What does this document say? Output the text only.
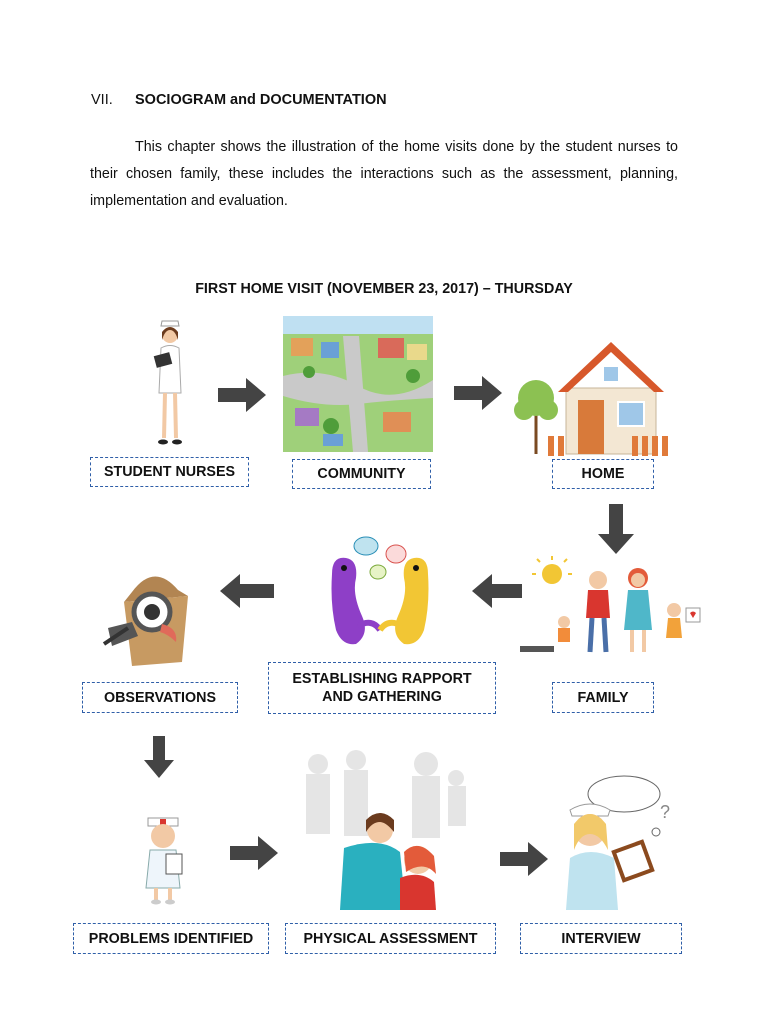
VII. SOCIOGRAM and DOCUMENTATION
This chapter shows the illustration of the home visits done by the student nurses to their chosen family, these includes the interactions such as the assessment, planning, implementation and evaluation.
FIRST HOME VISIT (NOVEMBER 23, 2017) – THURSDAY
STUDENT NURSES	COMMUNITY	HOME
OBSERVATIONS
ESTABLISHING RAPPORT
AND GATHERING	FAMILY
?
PROBLEMS IDENTIFIED	PHYSICAL ASSESSMENT	INTERVIEW
